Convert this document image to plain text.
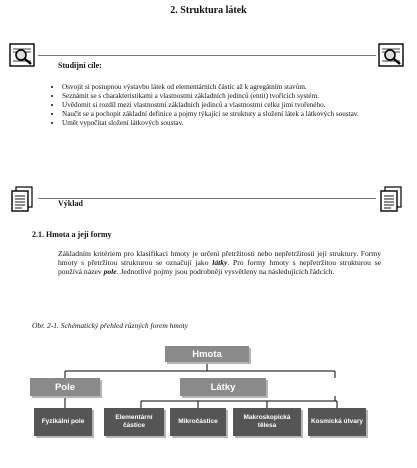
2. Struktura látek
Studijní cíle:
• Osvojit si postupnou výstavbu látek od elementárních částic až k agregátním stavům.
• Seznámit se s charakteristikami a vlastnostmi základních jedinců (entit) tvořících systém.
• Uvědomit si rozdíl mezi vlastnostmi základních jedinců a vlastnostmi celku jimi tvořeného.
• Naučit se a pochopit základní definice a pojmy týkající se struktury a složení látek a látkových soustav.
• Umět vypočítat složení látkových soustav.
Výklad
2.1. Hmota a její formy
Základním kritériem pro klasifikaci hmoty je určení přetržitosti nebo nepřetržitosti její struktury. Formy hmoty s přetržitou strukturou se označují jako látky. Pro formy hmoty s nepřetržitou strukturou se používá název pole. Jednotlivé pojmy jsou podrobněji vysvětleny na následujících řádcích.
Obr. 2-1. Schématický přehled různých forem hmoty
Hmota
Pole	Látky
Fyzikální pole
Elementární částice
Mikročástice
Makroskopická tělesa
Kosmická útvary
